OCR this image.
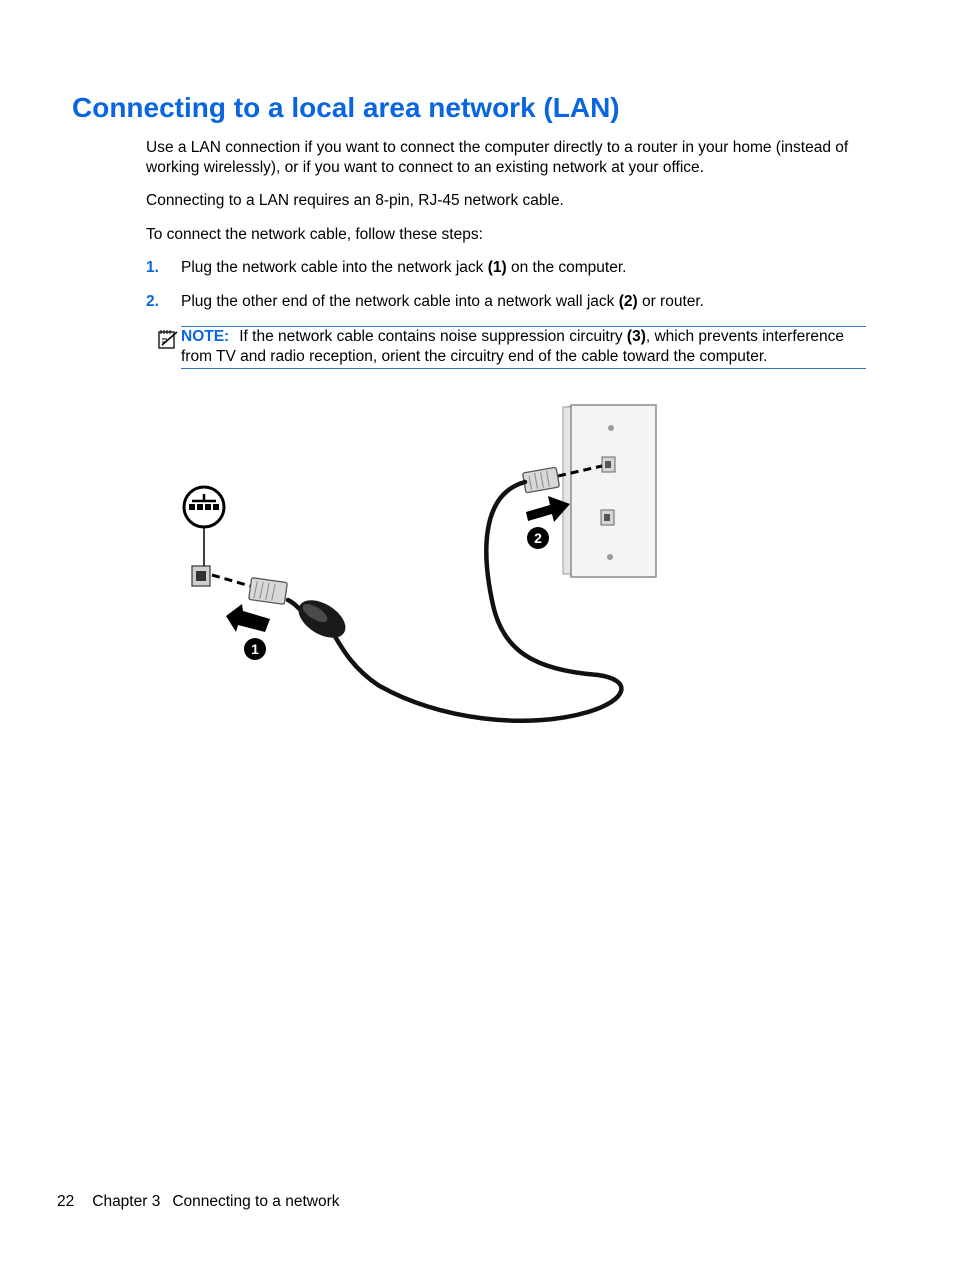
Connecting to a local area network (LAN)

Use a LAN connection if you want to connect the computer directly to a router in your home (instead of working wirelessly), or if you want to connect to an existing network at your office.

Connecting to a LAN requires an 8-pin, RJ-45 network cable.

To connect the network cable, follow these steps:

1. Plug the network cable into the network jack (1) on the computer.
2. Plug the other end of the network cable into a network wall jack (2) or router.
NOTE: If the network cable contains noise suppression circuitry (3), which prevents interference from TV and radio reception, orient the circuitry end of the cable toward the computer.
1
2
22 Chapter 3 Connecting to a network
